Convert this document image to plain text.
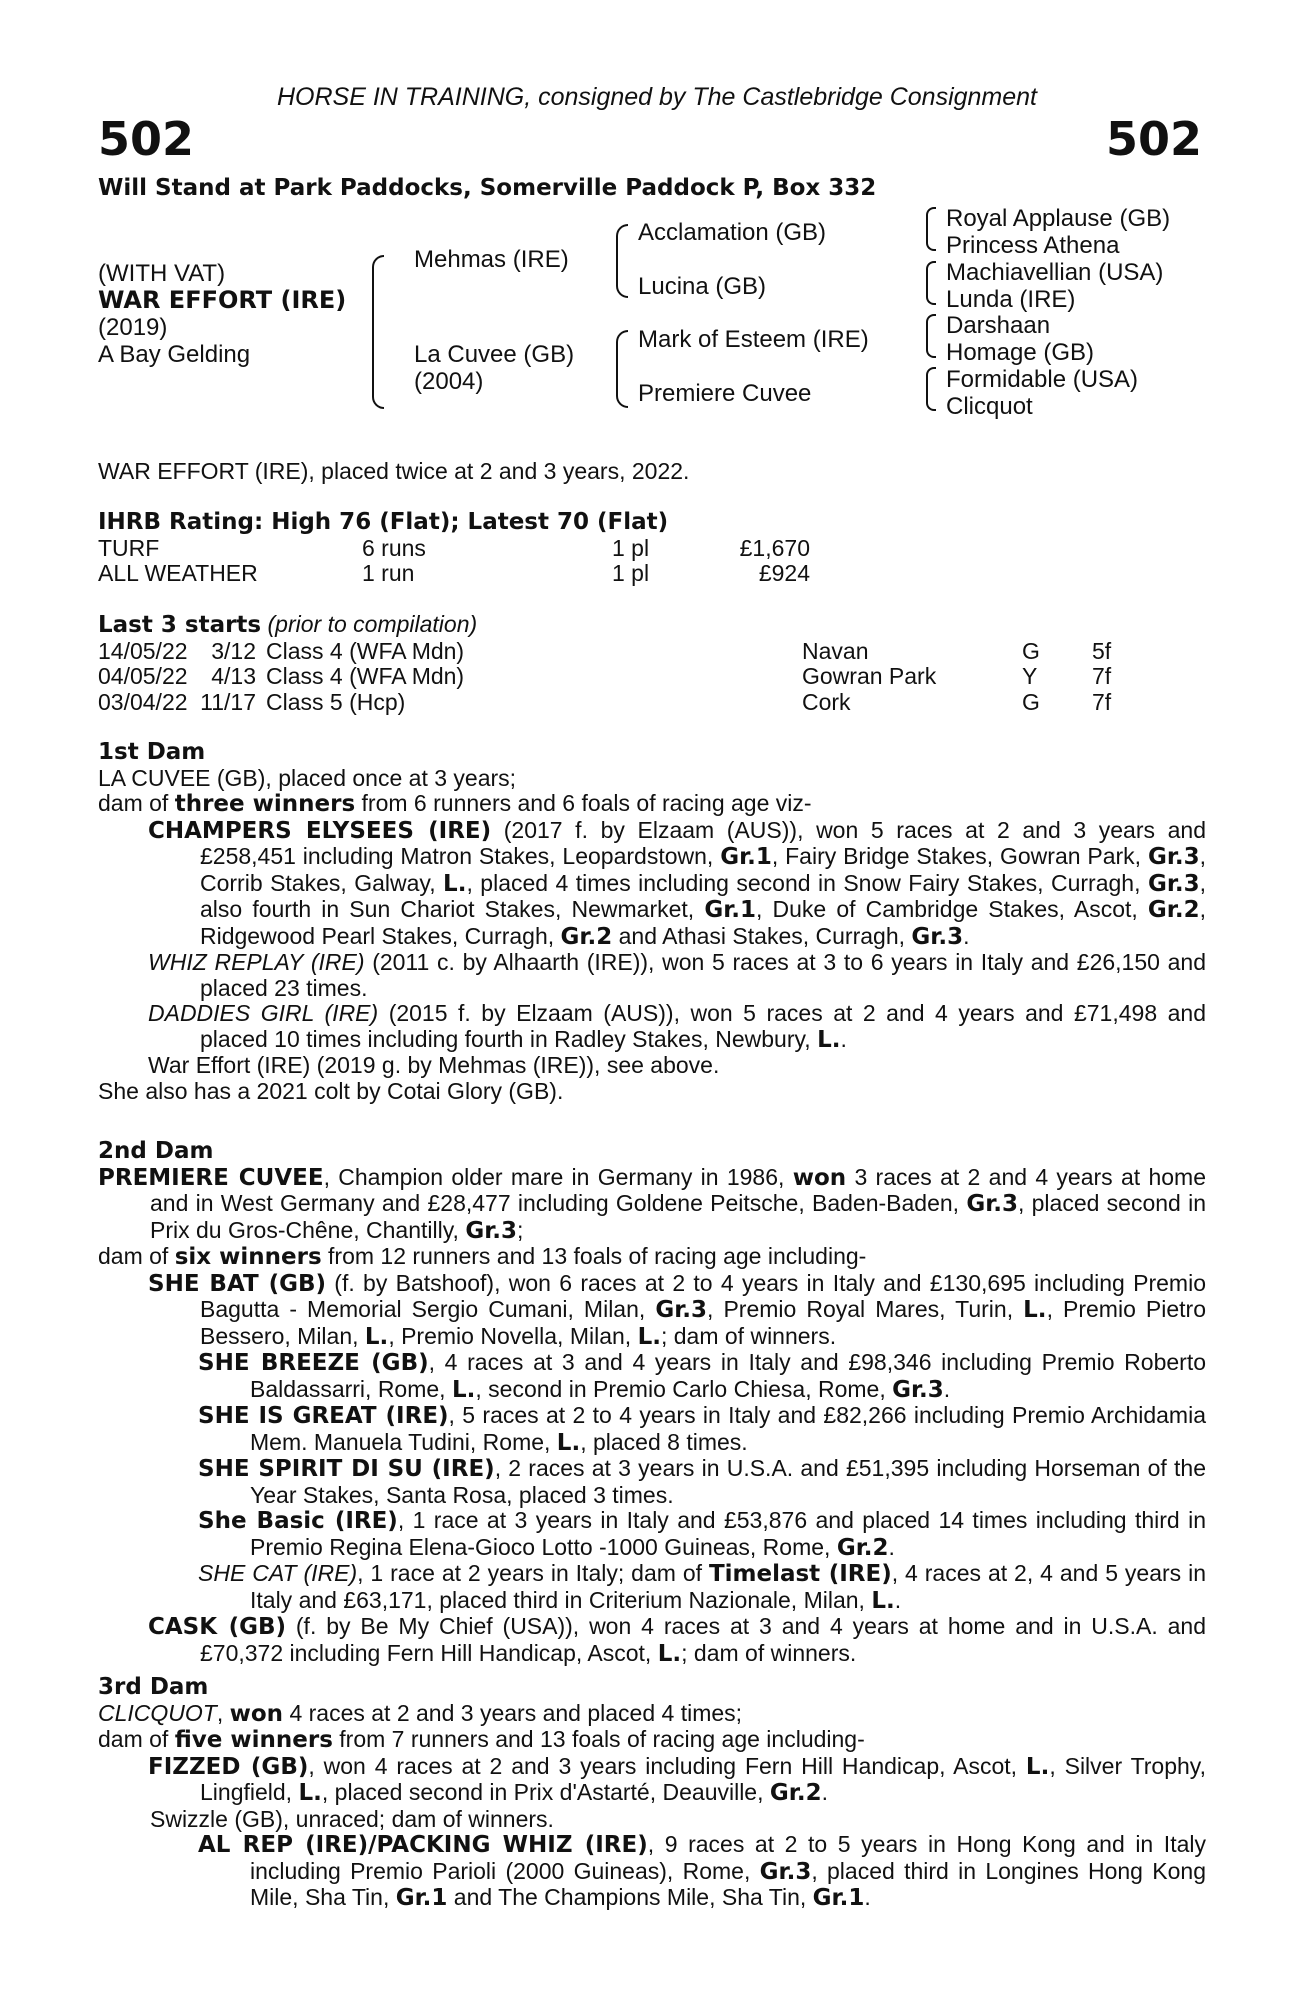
HORSE IN TRAINING, consigned by The Castlebridge Consignment
502	502
Will Stand at Park Paddocks, Somerville Paddock P, Box 332
(WITH VAT)
WAR EFFORT (IRE)
(2019)
A Bay Gelding
Mehmas (IRE)
La Cuvee (GB)
(2004)
Acclamation (GB)
Lucina (GB)
Mark of Esteem (IRE)
Premiere Cuvee
Royal Applause (GB)
Princess Athena
Machiavellian (USA)
Lunda (IRE)
Darshaan
Homage (GB)
Formidable (USA)
Clicquot
WAR EFFORT (IRE), placed twice at 2 and 3 years, 2022.

IHRB Rating: High 76 (Flat); Latest 70 (Flat)

TURF	6 runs	1 pl	£1,670
ALL WEATHER	1 run	1 pl	£924

Last 3 starts (prior to compilation)

14/05/22	3/12	Class 4 (WFA Mdn)	Navan	G	5f
04/05/22	4/13	Class 4 (WFA Mdn)	Gowran Park	Y	7f
03/04/22	11/17	Class 5 (Hcp)	Cork	G	7f

1st Dam

LA CUVEE (GB), placed once at 3 years;

dam of three winners from 6 runners and 6 foals of racing age viz-

CHAMPERS ELYSEES (IRE) (2017 f. by Elzaam (AUS)), won 5 races at 2 and 3 years and £258,451 including Matron Stakes, Leopardstown, Gr.1, Fairy Bridge Stakes, Gowran Park, Gr.3, Corrib Stakes, Galway, L., placed 4 times including second in Snow Fairy Stakes, Curragh, Gr.3, also fourth in Sun Chariot Stakes, Newmarket, Gr.1, Duke of Cambridge Stakes, Ascot, Gr.2, Ridgewood Pearl Stakes, Curragh, Gr.2 and Athasi Stakes, Curragh, Gr.3.

WHIZ REPLAY (IRE) (2011 c. by Alhaarth (IRE)), won 5 races at 3 to 6 years in Italy and £26,150 and placed 23 times.

DADDIES GIRL (IRE) (2015 f. by Elzaam (AUS)), won 5 races at 2 and 4 years and £71,498 and placed 10 times including fourth in Radley Stakes, Newbury, L..

War Effort (IRE) (2019 g. by Mehmas (IRE)), see above.

She also has a 2021 colt by Cotai Glory (GB).

2nd Dam

PREMIERE CUVEE, Champion older mare in Germany in 1986, won 3 races at 2 and 4 years at home and in West Germany and £28,477 including Goldene Peitsche, Baden-Baden, Gr.3, placed second in Prix du Gros-Chêne, Chantilly, Gr.3;

dam of six winners from 12 runners and 13 foals of racing age including-

SHE BAT (GB) (f. by Batshoof), won 6 races at 2 to 4 years in Italy and £130,695 including Premio Bagutta - Memorial Sergio Cumani, Milan, Gr.3, Premio Royal Mares, Turin, L., Premio Pietro Bessero, Milan, L., Premio Novella, Milan, L.; dam of winners.

SHE BREEZE (GB), 4 races at 3 and 4 years in Italy and £98,346 including Premio Roberto Baldassarri, Rome, L., second in Premio Carlo Chiesa, Rome, Gr.3.

SHE IS GREAT (IRE), 5 races at 2 to 4 years in Italy and £82,266 including Premio Archidamia Mem. Manuela Tudini, Rome, L., placed 8 times.

SHE SPIRIT DI SU (IRE), 2 races at 3 years in U.S.A. and £51,395 including Horseman of the Year Stakes, Santa Rosa, placed 3 times.

She Basic (IRE), 1 race at 3 years in Italy and £53,876 and placed 14 times including third in Premio Regina Elena-Gioco Lotto -1000 Guineas, Rome, Gr.2.

SHE CAT (IRE), 1 race at 2 years in Italy; dam of Timelast (IRE), 4 races at 2, 4 and 5 years in Italy and £63,171, placed third in Criterium Nazionale, Milan, L..

CASK (GB) (f. by Be My Chief (USA)), won 4 races at 3 and 4 years at home and in U.S.A. and £70,372 including Fern Hill Handicap, Ascot, L.; dam of winners.

3rd Dam

CLICQUOT, won 4 races at 2 and 3 years and placed 4 times;

dam of five winners from 7 runners and 13 foals of racing age including-

FIZZED (GB), won 4 races at 2 and 3 years including Fern Hill Handicap, Ascot, L., Silver Trophy, Lingfield, L., placed second in Prix d'Astarté, Deauville, Gr.2.

Swizzle (GB), unraced; dam of winners.

AL REP (IRE)/PACKING WHIZ (IRE), 9 races at 2 to 5 years in Hong Kong and in Italy including Premio Parioli (2000 Guineas), Rome, Gr.3, placed third in Longines Hong Kong Mile, Sha Tin, Gr.1 and The Champions Mile, Sha Tin, Gr.1.
